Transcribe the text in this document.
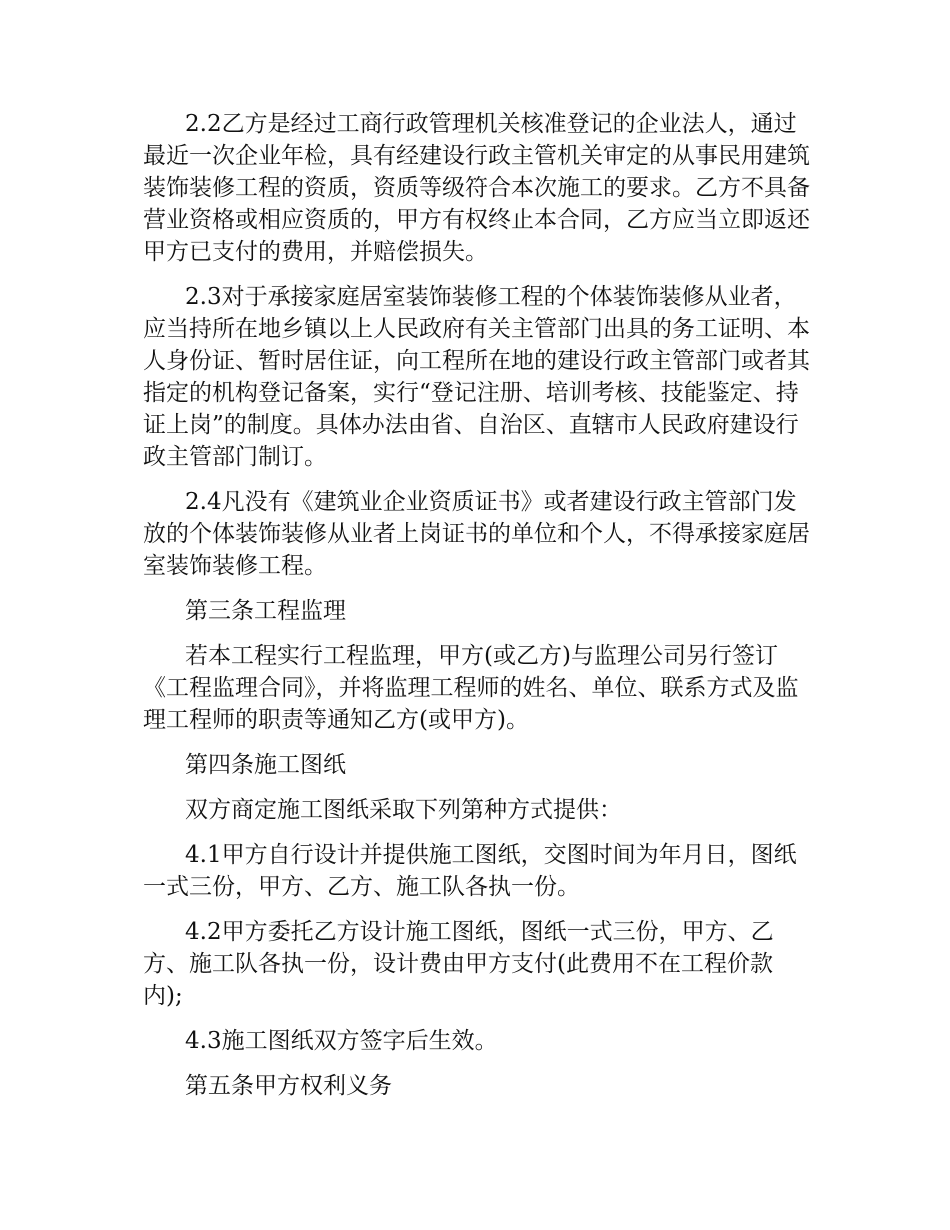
2.2乙方是经过工商行政管理机关核准登记的企业法人，通过最近一次企业年检，具有经建设行政主管机关审定的从事民用建筑装饰装修工程的资质，资质等级符合本次施工的要求。乙方不具备营业资格或相应资质的，甲方有权终止本合同，乙方应当立即返还甲方已支付的费用，并赔偿损失。

2.3对于承接家庭居室装饰装修工程的个体装饰装修从业者，应当持所在地乡镇以上人民政府有关主管部门出具的务工证明、本人身份证、暂时居住证，向工程所在地的建设行政主管部门或者其指定的机构登记备案，实行“登记注册、培训考核、技能鉴定、持证上岗”的制度。具体办法由省、自治区、直辖市人民政府建设行政主管部门制订。

2.4凡没有《建筑业企业资质证书》或者建设行政主管部门发放的个体装饰装修从业者上岗证书的单位和个人，不得承接家庭居室装饰装修工程。

第三条工程监理

若本工程实行工程监理，甲方(或乙方)与监理公司另行签订《工程监理合同》，并将监理工程师的姓名、单位、联系方式及监理工程师的职责等通知乙方(或甲方)。

第四条施工图纸

双方商定施工图纸采取下列第种方式提供：

4.1甲方自行设计并提供施工图纸，交图时间为年月日，图纸一式三份，甲方、乙方、施工队各执一份。

4.2甲方委托乙方设计施工图纸，图纸一式三份，甲方、乙方、施工队各执一份，设计费由甲方支付(此费用不在工程价款内);

4.3施工图纸双方签字后生效。

第五条甲方权利义务
